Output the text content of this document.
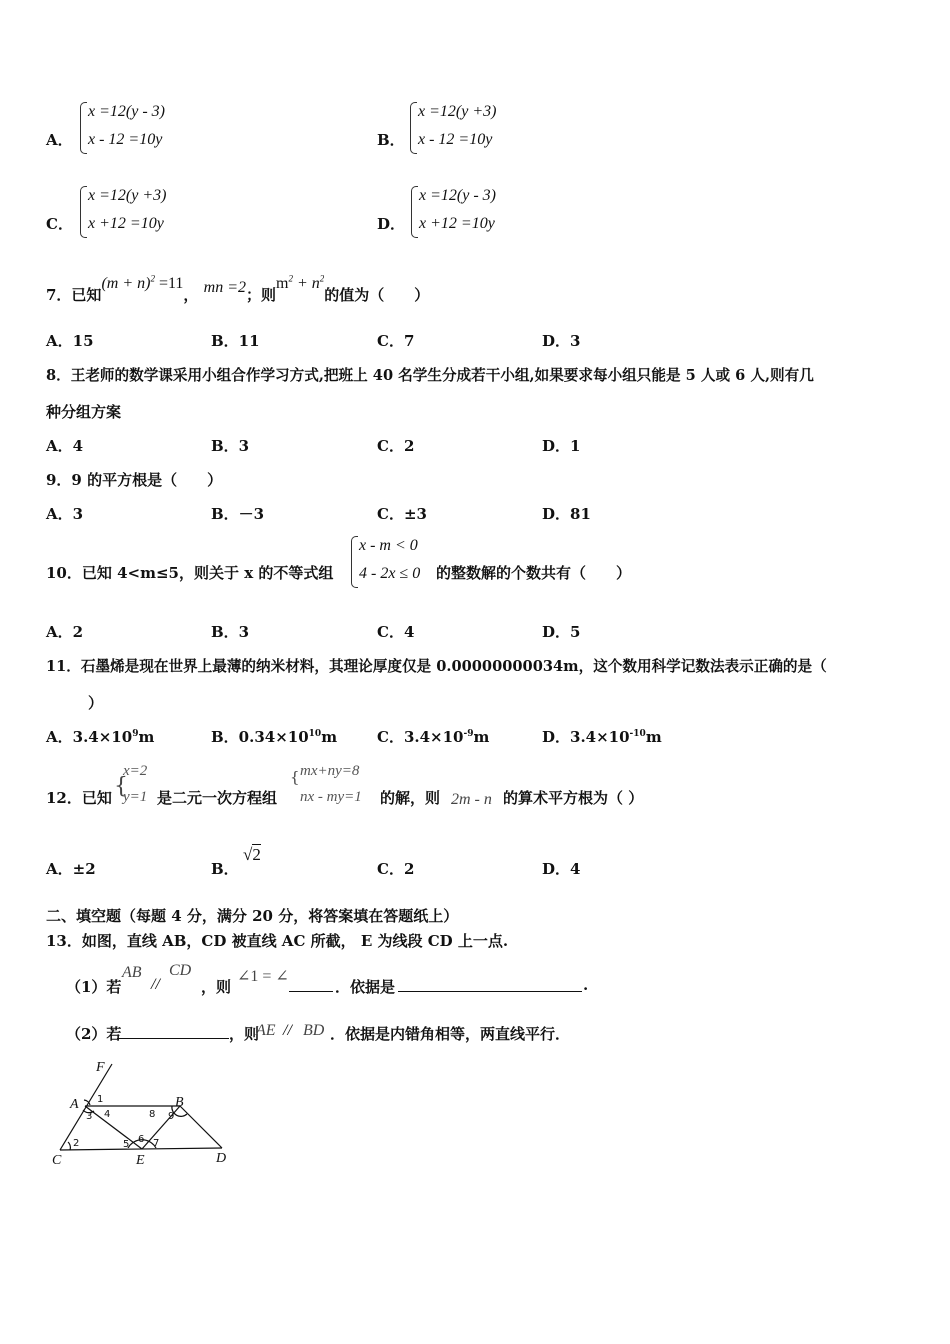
A．
x =12(y - 3)
x - 12 =10y	B．
x =12(y +3)
x - 12 =10y
C．
x =12(y +3)
x +12 =10y	D．
x =12(y - 3)
x +12 =10y
7．已知$(m + n)^2 =11$， mn =2；则$m^2 + n^2$的值为（　　）
A．15	B．11	C．7	D．3
8．王老师的数学课采用小组合作学习方式,把班上 40 名学生分成若干小组,如果要求每小组只能是 5 人或 6 人,则有几
种分组方案
A．4	B．3	C．2	D．1
9．9 的平方根是（　　）
A．3	B．－3	C．±3	D．81
10．已知 4<m≤5，则关于 x 的不等式组
x - m < 0
4 - 2x ≤ 0 的整数解的个数共有（　　）
A．2	B．3	C．4	D．5
11．石墨烯是现在世界上最薄的纳米材料，其理论厚度仅是 0.00000000034m，这个数用科学记数法表示正确的是（
）
A．$3.4\times 10^9m$	B．$0.34\times 10^{10}m$	C．$3.4\times 10^{-9}m$	D．$3.4\times 10^{-10}m$
12．已知 {
x=2
y=1 是二元一次方程组
{ mx+ny=8
nx - my=1 的解，则 2m - n 的算术平方根为（ ）
A．±2	B．
√2
C．2	D．4
二、填空题（每题 4 分，满分 20 分，将答案填在答题纸上）
13．如图，直线 AB，CD 被直线 AC 所截， E 为线段 CD 上一点.
（1）若
AB
//
CD
，则
∠1 = ∠
．依据是	.
（2）若	，则
AE // BD ．依据是内错角相等，两直线平行．
F
A	B
C	E	D
1
2
3 4
5 6 7
8 9
